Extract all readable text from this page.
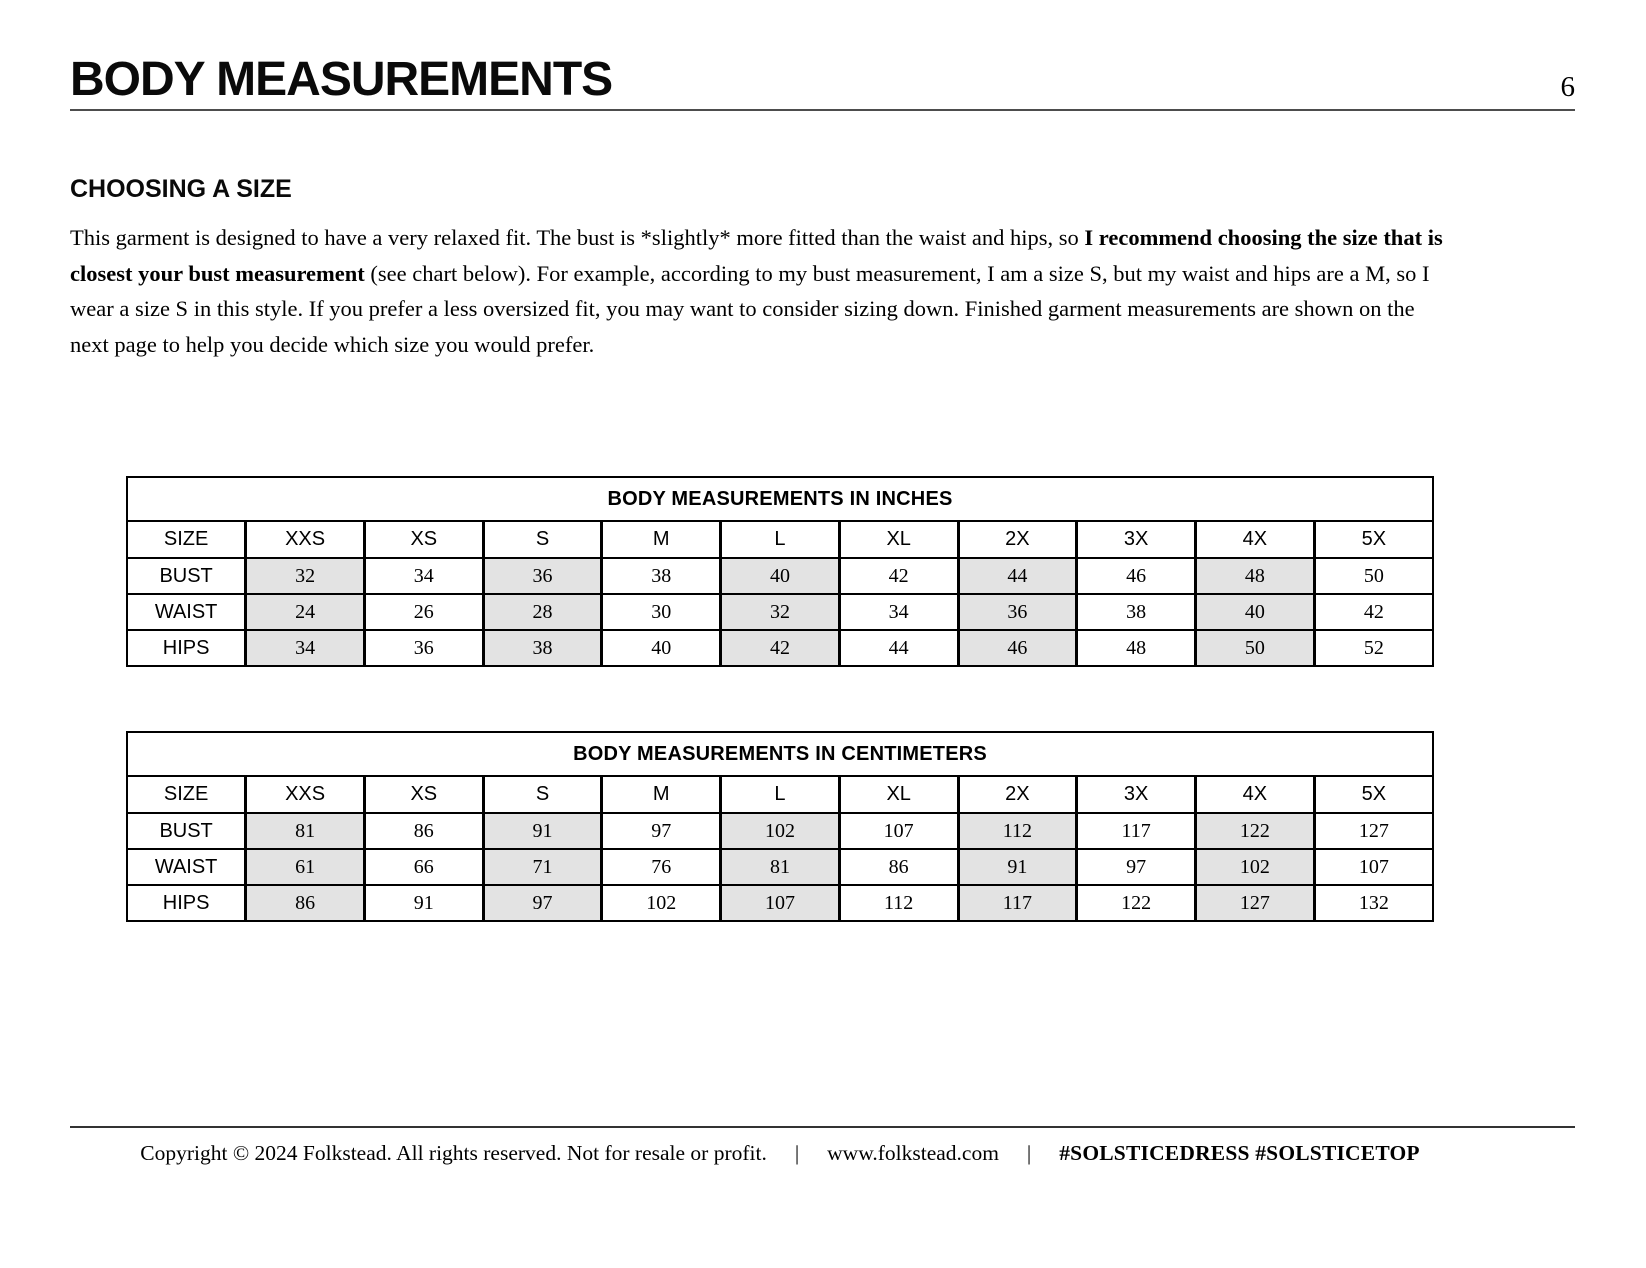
BODY MEASUREMENTS	6
CHOOSING A SIZE

This garment is designed to have a very relaxed fit. The bust is *slightly* more fitted than the waist and hips, so I recommend choosing the size that is closest your bust measurement (see chart below). For example, according to my bust measurement, I am a size S, but my waist and hips are a M, so I wear a size S in this style. If you prefer a less oversized fit, you may want to consider sizing down. Finished garment measurements are shown on the next page to help you decide which size you would prefer.

BODY MEASUREMENTS IN INCHES										
SIZE	XXS	XS	S	M	L	XL	2X	3X	4X	5X
BUST	32	34	36	38	40	42	44	46	48	50
WAIST	24	26	28	30	32	34	36	38	40	42
HIPS	34	36	38	40	42	44	46	48	50	52
BODY MEASUREMENTS IN CENTIMETERS										
SIZE	XXS	XS	S	M	L	XL	2X	3X	4X	5X
BUST	81	86	91	97	102	107	112	117	122	127
WAIST	61	66	71	76	81	86	91	97	102	107
HIPS	86	91	97	102	107	112	117	122	127	132
Copyright © 2024 Folkstead. All rights reserved. Not for resale or profit. | www.folkstead.com | #SOLSTICEDRESS #SOLSTICETOP
